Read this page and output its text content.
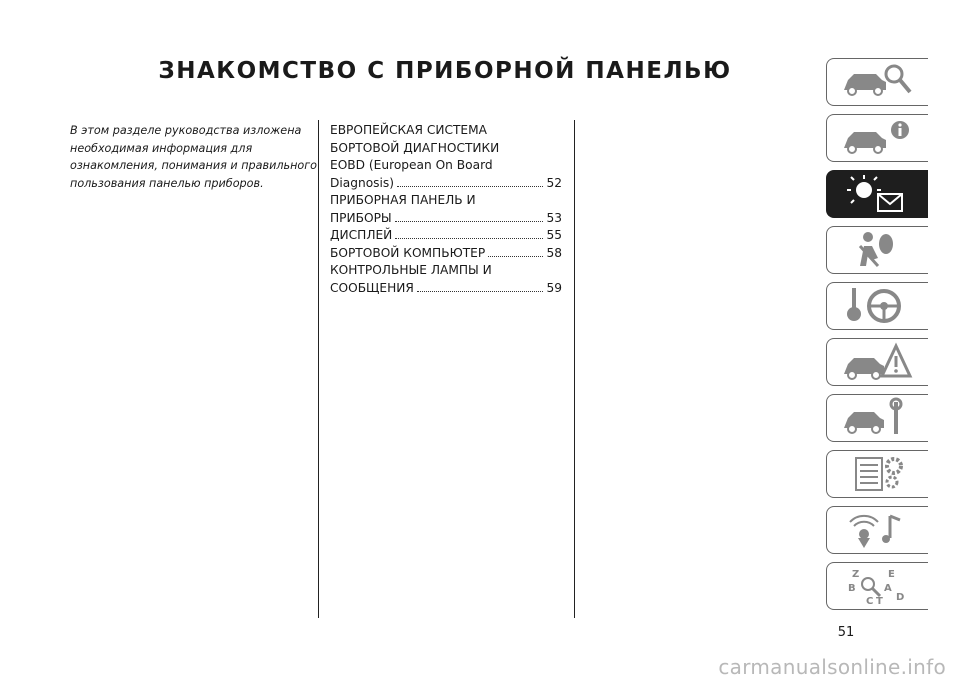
ЗНАКОМСТВО С ПРИБОРНОЙ ПАНЕЛЬЮ
В этом разделе руководства изложена
необходимая информация для
ознакомления, понимания и правильного
пользования панелью приборов.
ЕВРОПЕЙСКАЯ СИСТЕМА
БОРТОВОЙ ДИАГНОСТИКИ
EOBD (European On Board
Diagnosis)	52
ПРИБОРНАЯ ПАНЕЛЬ И
ПРИБОРЫ	53
ДИСПЛЕЙ	55
БОРТОВОЙ КОМПЬЮТЕР	58
КОНТРОЛЬНЫЕ ЛАМПЫ И
СООБЩЕНИЯ	59
Z	E
B	A
C D
T
51
carmanualsonline.info
